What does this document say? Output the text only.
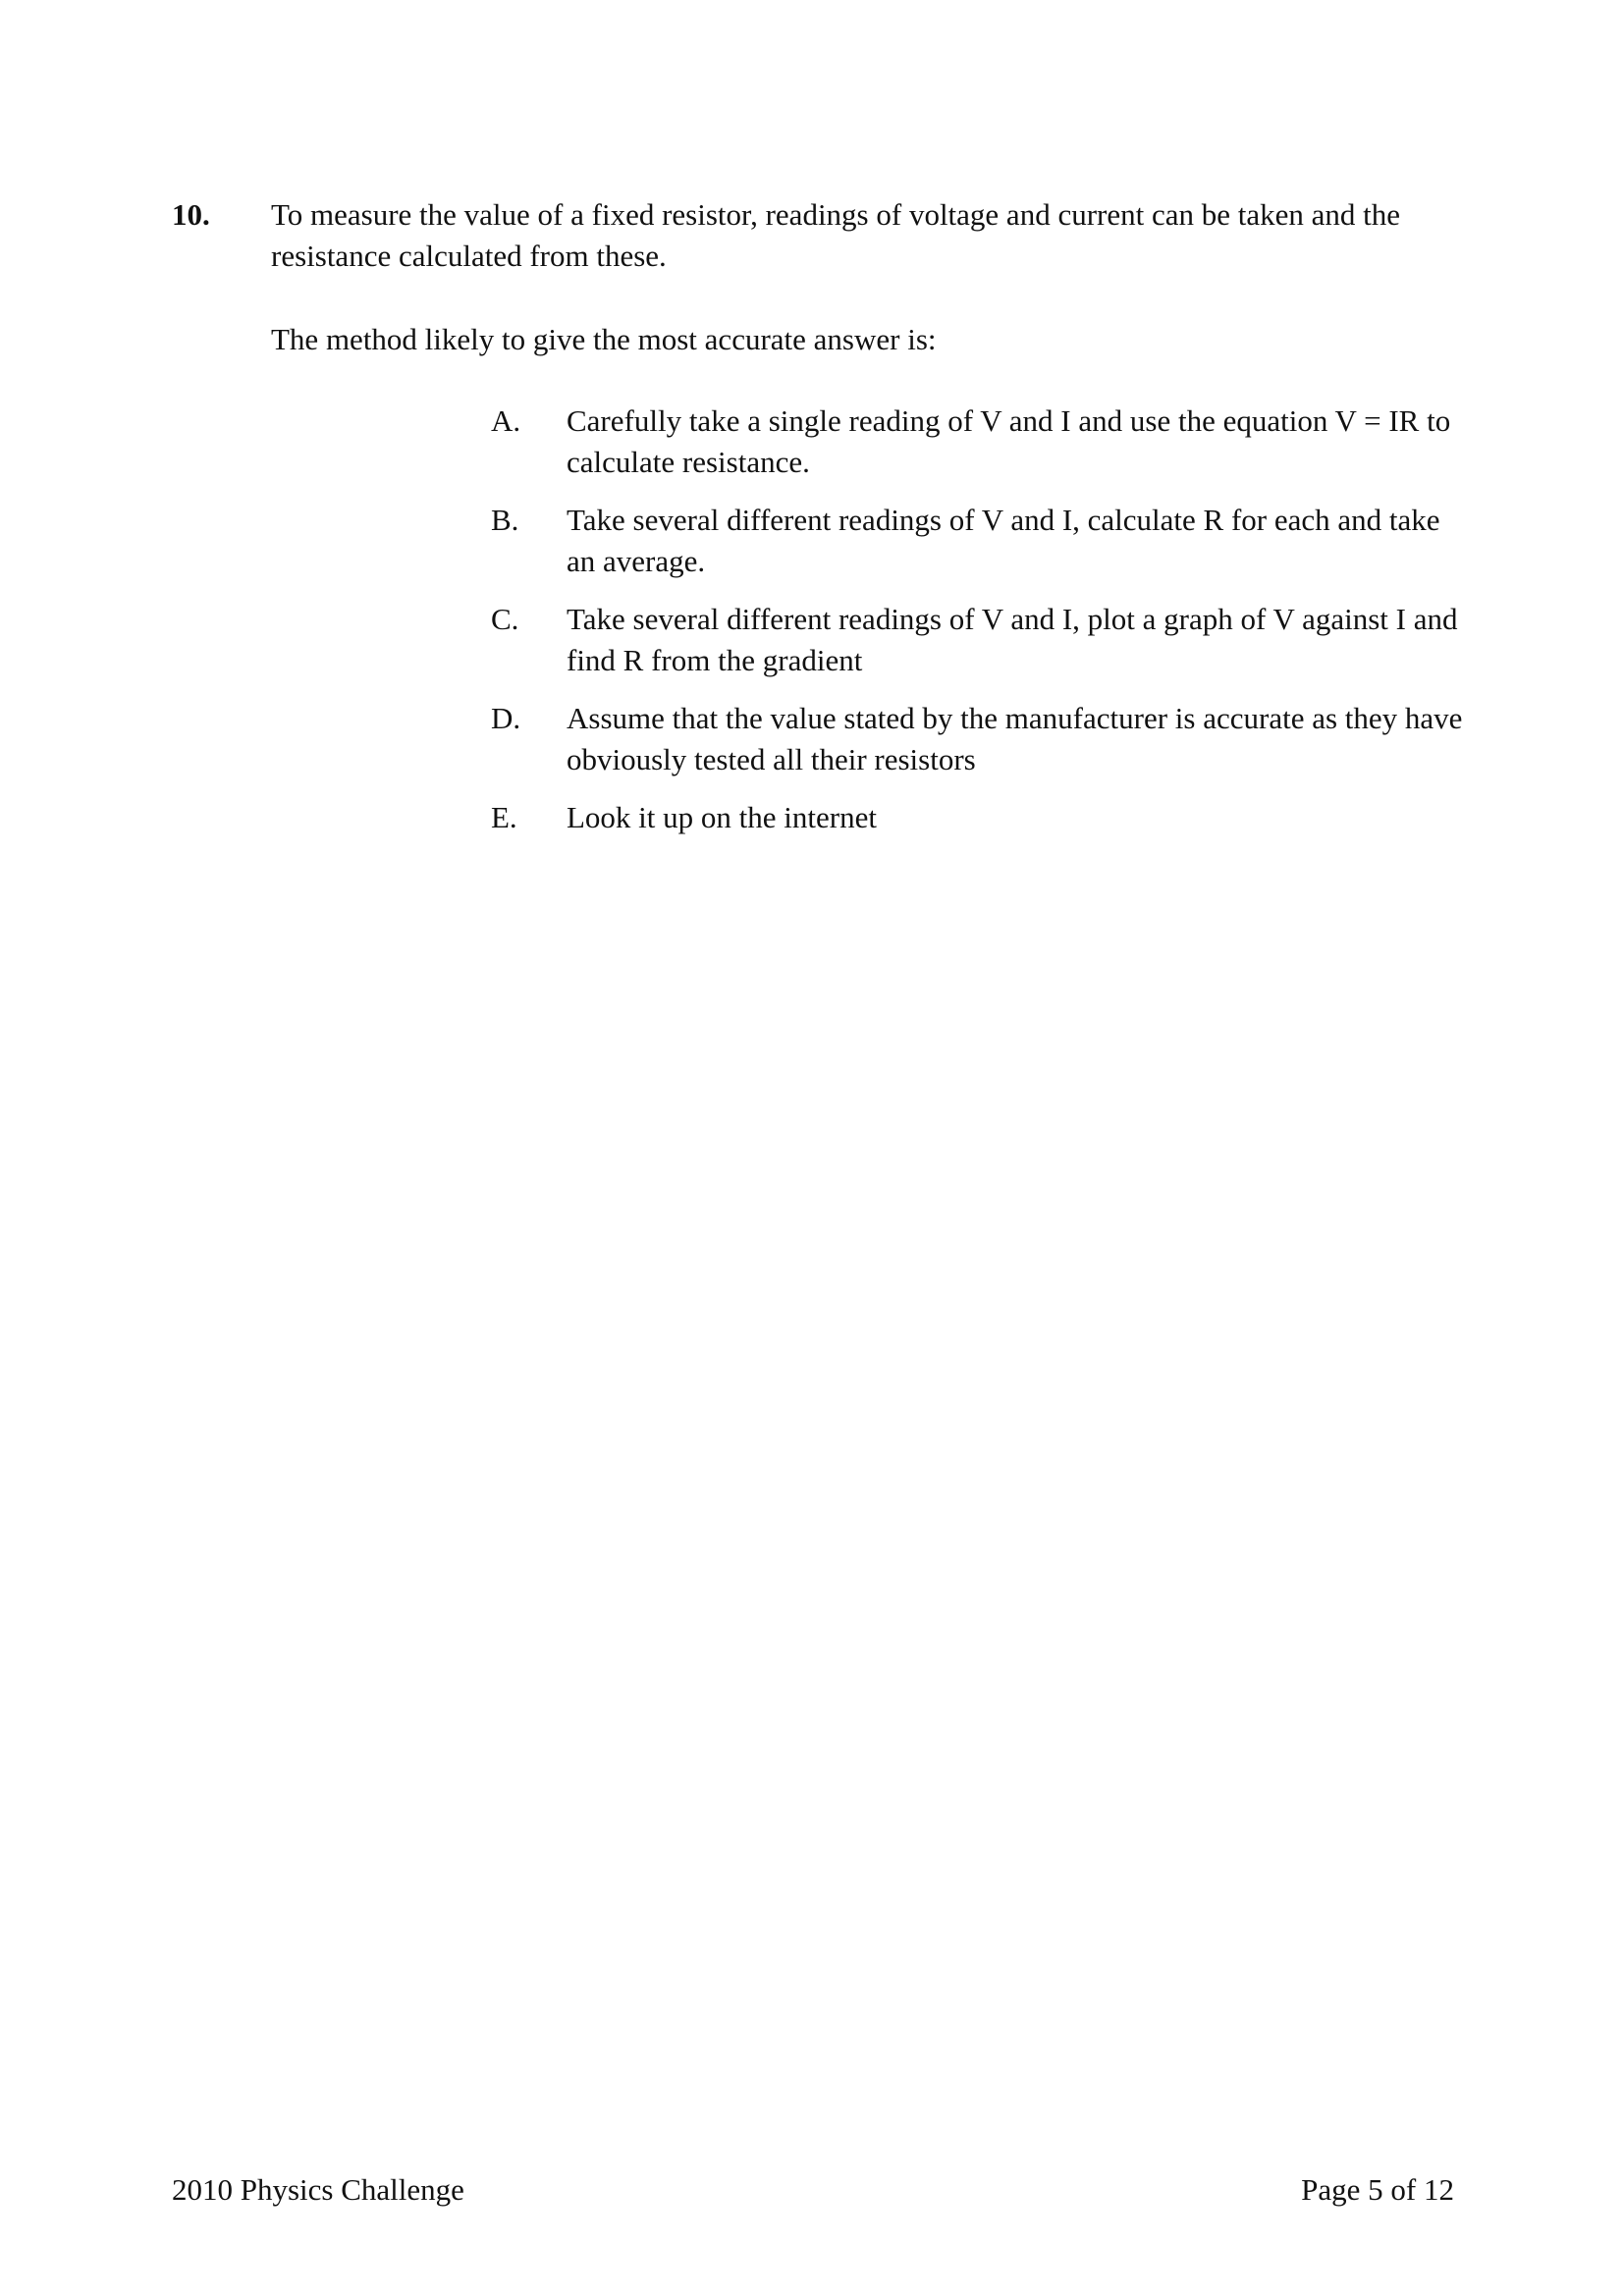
10. To measure the value of a fixed resistor, readings of voltage and current can be taken and the resistance calculated from these.

The method likely to give the most accurate answer is:
A.	Carefully take a single reading of V and I and use the equation V = IR to calculate resistance.
B.	Take several different readings of V and I, calculate R for each and take an average.
C.	Take several different readings of V and I, plot a graph of V against I and find R from the gradient
D.	Assume that the value stated by the manufacturer is accurate as they have obviously tested all their resistors
E.	Look it up on the internet
2010 Physics Challenge	Page 5 of 12
